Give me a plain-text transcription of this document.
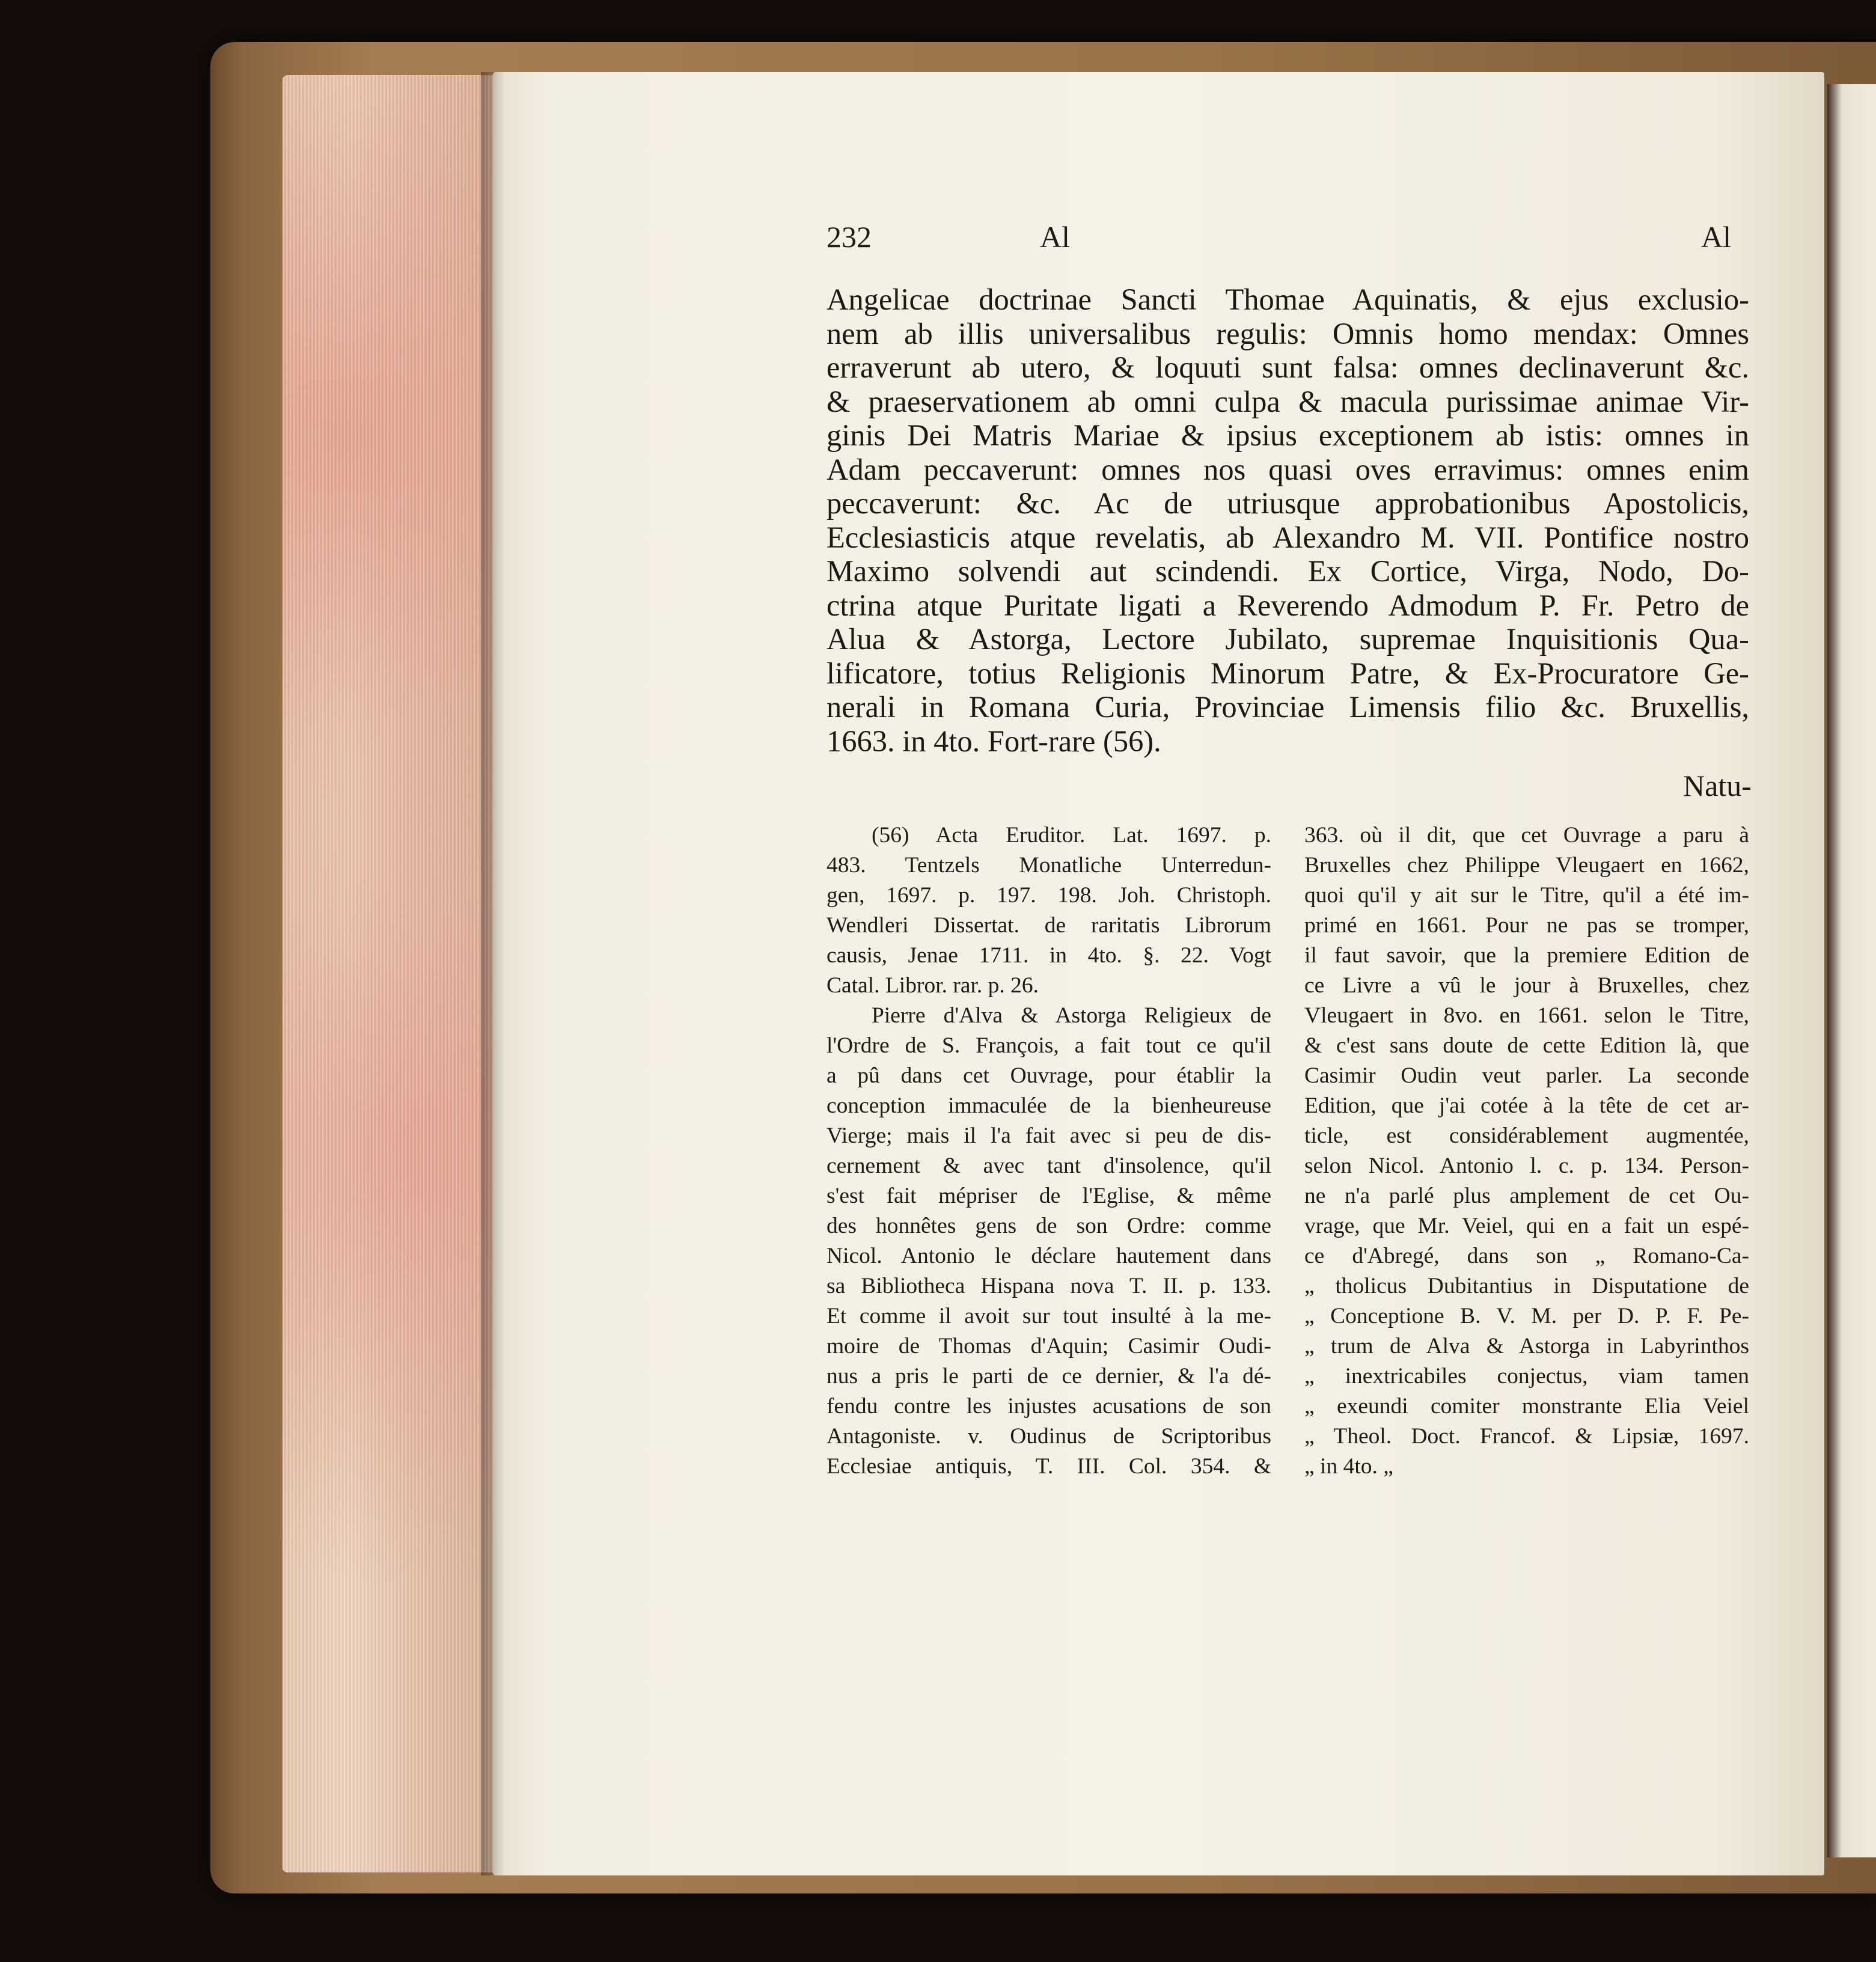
232	Al	Al
Angelicae doctrinae Sancti Thomae Aquinatis, & ejus exclusio-
nem ab illis universalibus regulis: Omnis homo mendax: Omnes
erraverunt ab utero, & loquuti sunt falsa: omnes declinaverunt &c.
& praeservationem ab omni culpa & macula purissimae animae Vir-
ginis Dei Matris Mariae & ipsius exceptionem ab istis: omnes in
Adam peccaverunt: omnes nos quasi oves erravimus: omnes enim
peccaverunt: &c. Ac de utriusque approbationibus Apostolicis,
Ecclesiasticis atque revelatis, ab Alexandro M. VII. Pontifice nostro
Maximo solvendi aut scindendi. Ex Cortice, Virga, Nodo, Do-
ctrina atque Puritate ligati a Reverendo Admodum P. Fr. Petro de
Alua & Astorga, Lectore Jubilato, supremae Inquisitionis Qua-
lificatore, totius Religionis Minorum Patre, & Ex-Procuratore Ge-
nerali in Romana Curia, Provinciae Limensis filio &c. Bruxellis,
1663. in 4to. Fort-rare (56).
Natu-
(56) Acta Eruditor. Lat. 1697. p.
483. Tentzels Monatliche Unterredun-
gen, 1697. p. 197. 198. Joh. Christoph.
Wendleri Dissertat. de raritatis Librorum
causis, Jenae 1711. in 4to. §. 22. Vogt
Catal. Libror. rar. p. 26.
Pierre d'Alva & Astorga Religieux de
l'Ordre de S. François, a fait tout ce qu'il
a pû dans cet Ouvrage, pour établir la
conception immaculée de la bienheureuse
Vierge; mais il l'a fait avec si peu de dis-
cernement & avec tant d'insolence, qu'il
s'est fait mépriser de l'Eglise, & même
des honnêtes gens de son Ordre: comme
Nicol. Antonio le déclare hautement dans
sa Bibliotheca Hispana nova T. II. p. 133.
Et comme il avoit sur tout insulté à la me-
moire de Thomas d'Aquin; Casimir Oudi-
nus a pris le parti de ce dernier, & l'a dé-
fendu contre les injustes acusations de son
Antagoniste. v. Oudinus de Scriptoribus
Ecclesiae antiquis, T. III. Col. 354. &
363. où il dit, que cet Ouvrage a paru à
Bruxelles chez Philippe Vleugaert en 1662,
quoi qu'il y ait sur le Titre, qu'il a été im-
primé en 1661. Pour ne pas se tromper,
il faut savoir, que la premiere Edition de
ce Livre a vû le jour à Bruxelles, chez
Vleugaert in 8vo. en 1661. selon le Titre,
& c'est sans doute de cette Edition là, que
Casimir Oudin veut parler. La seconde
Edition, que j'ai cotée à la tête de cet ar-
ticle, est considérablement augmentée,
selon Nicol. Antonio l. c. p. 134. Person-
ne n'a parlé plus amplement de cet Ou-
vrage, que Mr. Veiel, qui en a fait un espé-
ce d'Abregé, dans son „ Romano-Ca-
„ tholicus Dubitantius in Disputatione de
„ Conceptione B. V. M. per D. P. F. Pe-
„ trum de Alva & Astorga in Labyrinthos
„ inextricabiles conjectus, viam tamen
„ exeundi comiter monstrante Elia Veiel
„ Theol. Doct. Francof. & Lipsiæ, 1697.
„ in 4to. „
